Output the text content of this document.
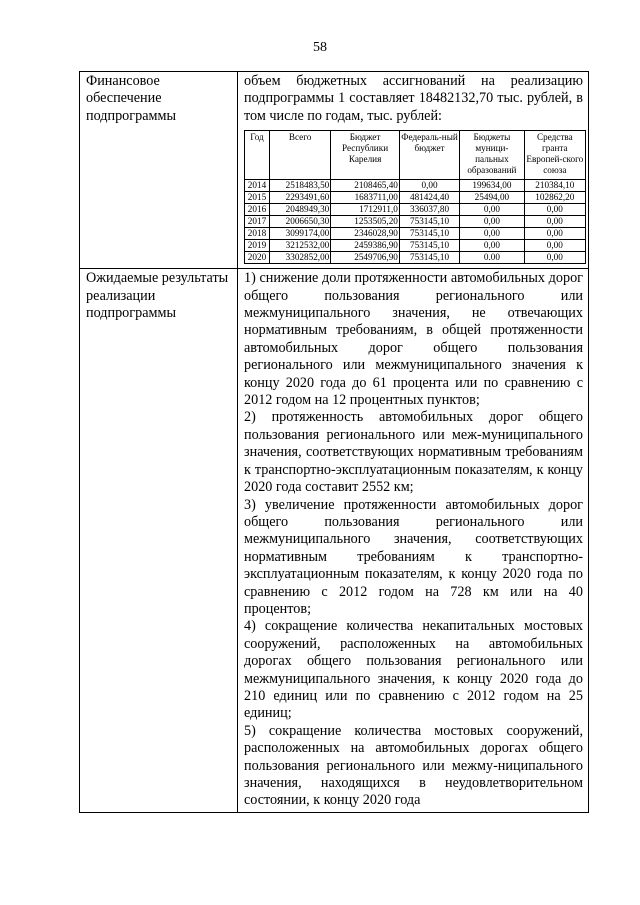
58
Финансовое обеспечение подпрограммы	

объем бюджетных ассигнований на реализацию подпрограммы 1 составляет 18482132,70 тыс. рублей, в том числе по годам, тыс. рублей:

Год	Всего	Бюджет Республики Карелия	Федераль-ный бюджет	Бюджеты муници-пальных образований	Средства гранта Европей-ского союза
2014	2518483,50	2108465,40	0,00	199634,00	210384,10
2015	2293491,60	1683711,00	481424,40	25494,00	102862,20
2016	2048949,30	1712911,0	336037,80	0,00	0,00
2017	2006650,30	1253505,20	753145,10	0,00	0,00
2018	3099174,00	2346028,90	753145,10	0,00	0,00
2019	3212532,00	2459386,90	753145,10	0,00	0,00
2020	3302852,00	2549706,90	753145,10	0.00	0,00

Ожидаемые результаты реализации подпрограммы	

1) снижение доли протяженности автомобильных дорог общего пользования регионального или межмуниципального значения, не отвечающих нормативным требованиям, в общей протяженности автомобильных дорог общего пользования регионального или межмуниципального значения к концу 2020 года до 61 процента или по сравнению с 2012 годом на 12 процентных пунктов;

2) протяженность автомобильных дорог общего пользования регионального или меж-муниципального значения, соответствующих нормативным требованиям к транспортно-эксплуатационным показателям, к концу 2020 года составит 2552 км;

3) увеличение протяженности автомобильных дорог общего пользования регионального или межмуниципального значения, соответствующих нормативным требованиям к транспортно-эксплуатационным показателям, к концу 2020 года по сравнению с 2012 годом на 728 км или на 40 процентов;

4) сокращение количества некапитальных мостовых сооружений, расположенных на автомобильных дорогах общего пользования регионального или межмуниципального значения, к концу 2020 года до 210 единиц или по сравнению с 2012 годом на 25 единиц;

5) сокращение количества мостовых сооружений, расположенных на автомобильных дорогах общего пользования регионального или межму-ниципального значения, находящихся в неудовлетворительном состоянии, к концу 2020 года
